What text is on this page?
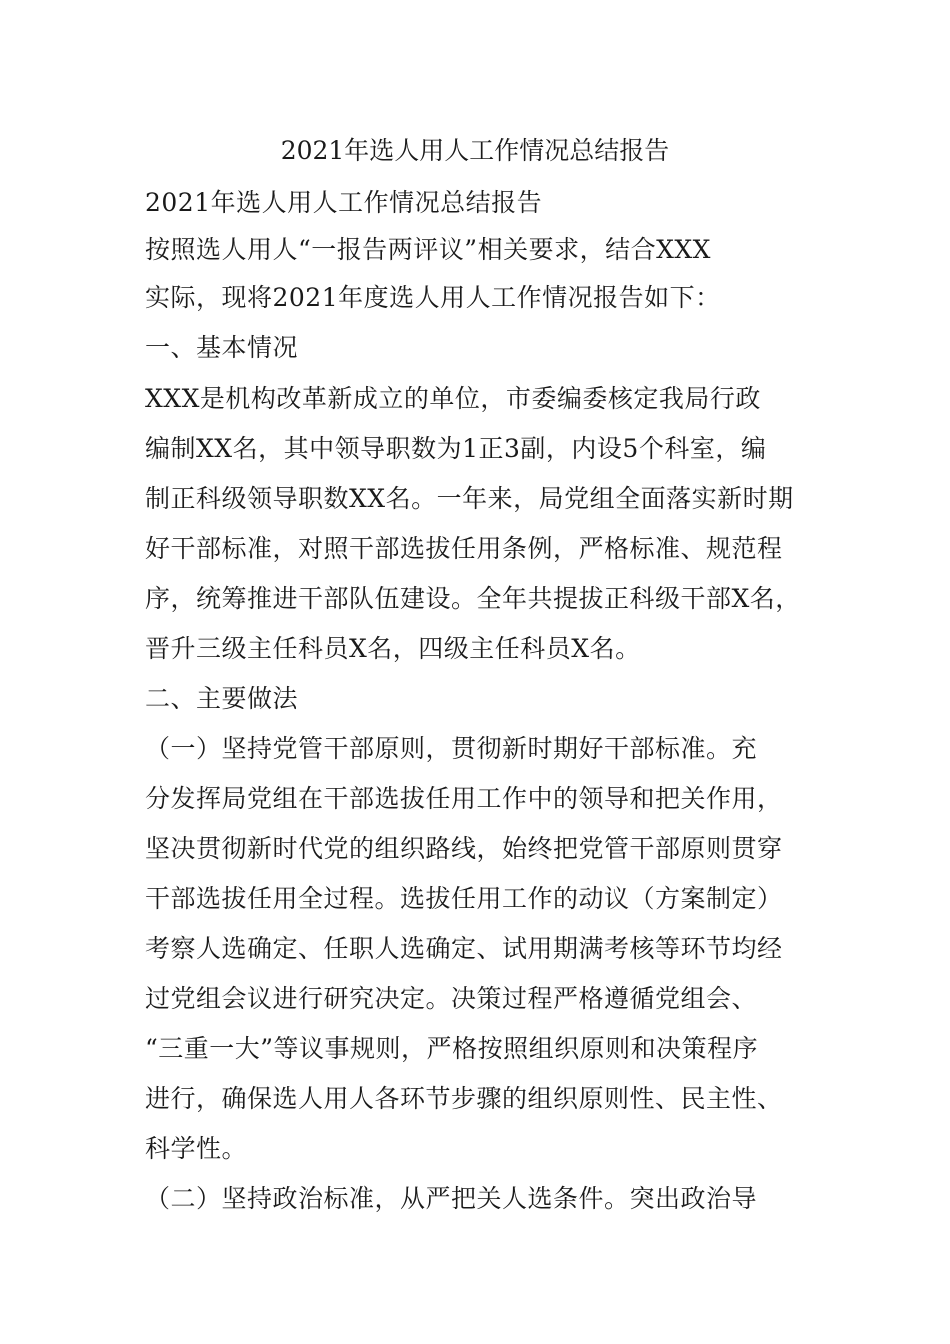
2021年选人用人工作情况总结报告
2021年选人用人工作情况总结报告
按照选人用人“一报告两评议”相关要求，结合XXX
实际，现将2021年度选人用人工作情况报告如下：
一、基本情况
XXX是机构改革新成立的单位，市委编委核定我局行政
编制XX名，其中领导职数为1正3副，内设5个科室，编
制正科级领导职数XX名。一年来，局党组全面落实新时期
好干部标准，对照干部选拔任用条例，严格标准、规范程
序，统筹推进干部队伍建设。全年共提拔正科级干部X名，
晋升三级主任科员X名，四级主任科员X名。
二、主要做法
（一）坚持党管干部原则，贯彻新时期好干部标准。充
分发挥局党组在干部选拔任用工作中的领导和把关作用，
坚决贯彻新时代党的组织路线，始终把党管干部原则贯穿
干部选拔任用全过程。选拔任用工作的动议（方案制定）
考察人选确定、任职人选确定、试用期满考核等环节均经
过党组会议进行研究决定。决策过程严格遵循党组会、
“三重一大”等议事规则，严格按照组织原则和决策程序
进行，确保选人用人各环节步骤的组织原则性、民主性、
科学性。
（二）坚持政治标准，从严把关人选条件。突出政治导
